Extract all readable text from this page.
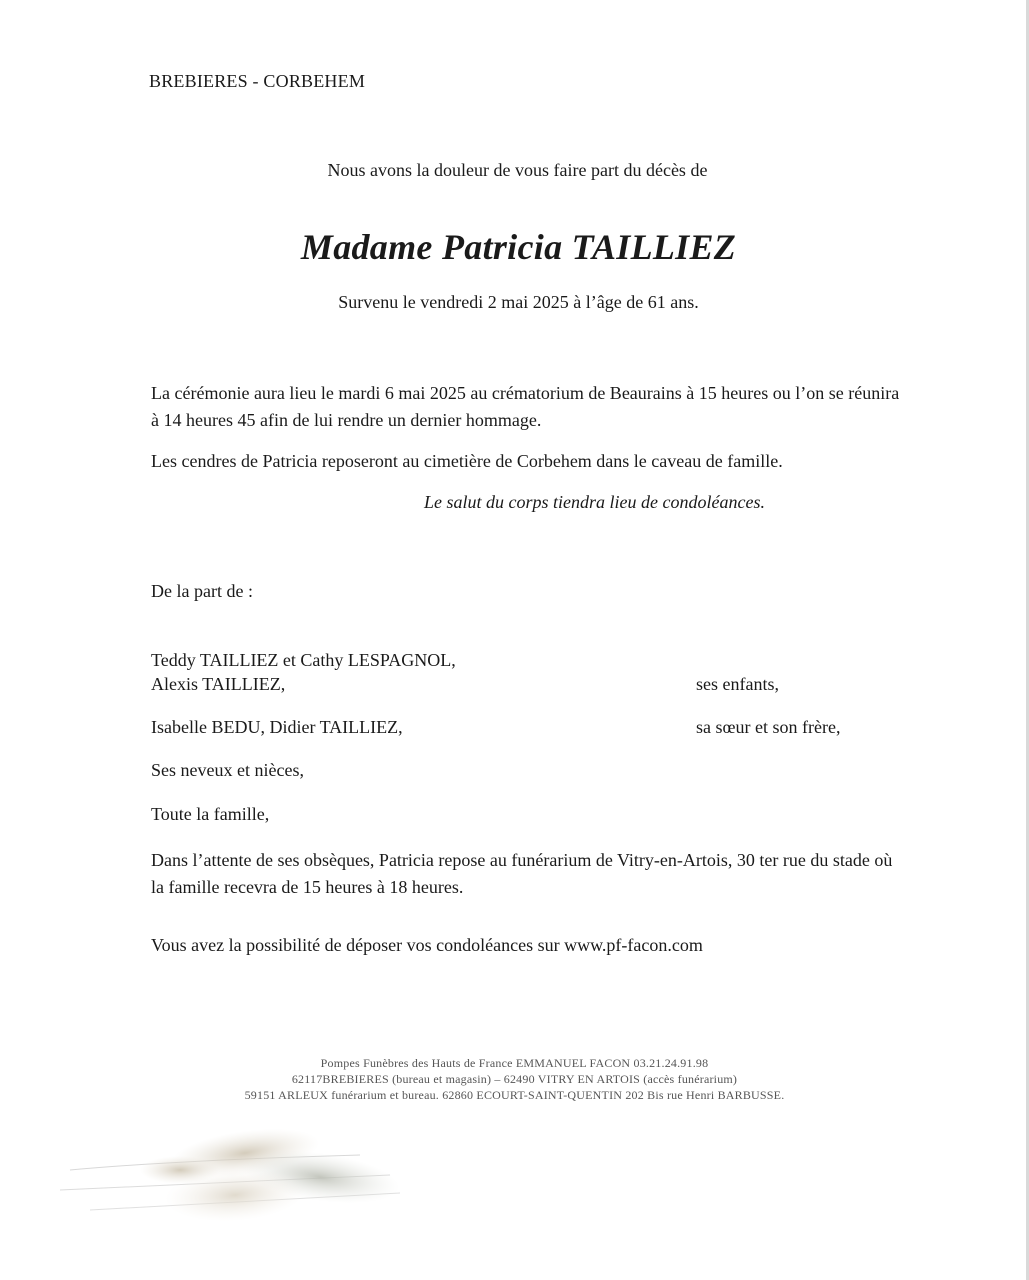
BREBIERES - CORBEHEM
Nous avons la douleur de vous faire part du décès de
Madame Patricia TAILLIEZ
Survenu le vendredi 2 mai 2025 à l’âge de 61 ans.
La cérémonie aura lieu le mardi 6 mai 2025 au crématorium de Beaurains à 15 heures ou l’on se réunira
à 14 heures 45 afin de lui rendre un dernier hommage.
Les cendres de Patricia reposeront au cimetière de Corbehem dans le caveau de famille.
Le salut du corps tiendra lieu de condoléances.
De la part de :
Teddy TAILLIEZ et Cathy LESPAGNOL,
Alexis TAILLIEZ,	ses enfants,
Isabelle BEDU, Didier TAILLIEZ,	sa sœur et son frère,
Ses neveux et nièces,
Toute la famille,
Dans l’attente de ses obsèques, Patricia repose au funérarium de Vitry-en-Artois, 30 ter rue du stade où
la famille recevra de 15 heures à 18 heures.
Vous avez la possibilité de déposer vos condoléances sur www.pf-facon.com
Pompes Funèbres des Hauts de France EMMANUEL FACON 03.21.24.91.98
62117BREBIERES (bureau et magasin) – 62490 VITRY EN ARTOIS (accès funérarium)
59151 ARLEUX funérarium et bureau. 62860 ECOURT-SAINT-QUENTIN 202 Bis rue Henri BARBUSSE.
